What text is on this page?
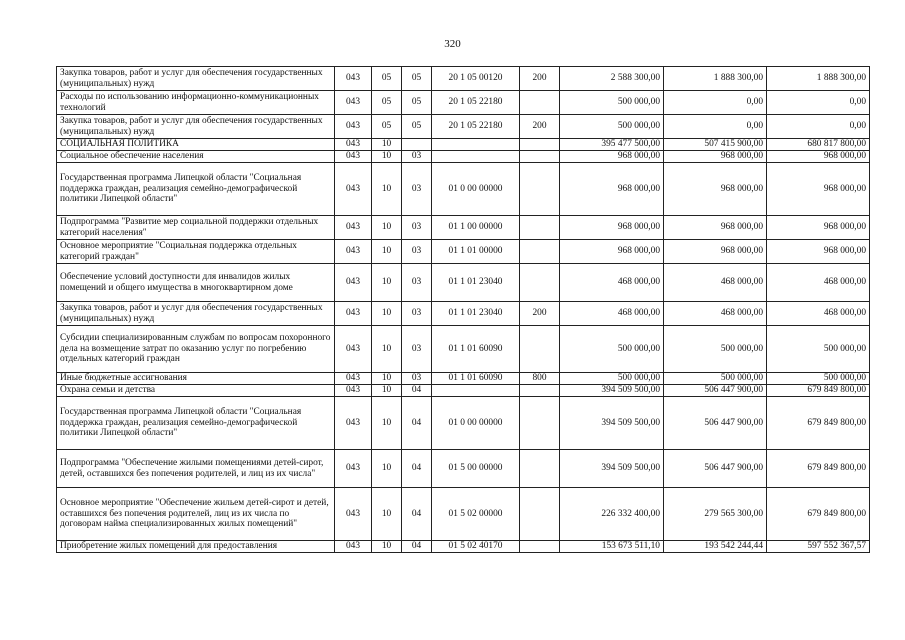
320
Закупка товаров, работ и услуг для обеспечения государственных (муниципальных) нужд	043	05	05	20 1 05 00120	200	2 588 300,00	1 888 300,00	1 888 300,00
Расходы по использованию информационно-коммуникационных технологий	043	05	05	20 1 05 22180		500 000,00	0,00	0,00
Закупка товаров, работ и услуг для обеспечения государственных (муниципальных) нужд	043	05	05	20 1 05 22180	200	500 000,00	0,00	0,00
СОЦИАЛЬНАЯ ПОЛИТИКА	043	10				395 477 500,00	507 415 900,00	680 817 800,00
Социальное обеспечение населения	043	10	03			968 000,00	968 000,00	968 000,00
Государственная программа Липецкой области "Социальная поддержка граждан, реализация семейно-демографической политики Липецкой области"	043	10	03	01 0 00 00000		968 000,00	968 000,00	968 000,00
Подпрограмма "Развитие мер социальной поддержки отдельных категорий населения"	043	10	03	01 1 00 00000		968 000,00	968 000,00	968 000,00
Основное мероприятие "Социальная поддержка отдельных категорий граждан"	043	10	03	01 1 01 00000		968 000,00	968 000,00	968 000,00
Обеспечение условий доступности для инвалидов жилых помещений и общего имущества в многоквартирном доме	043	10	03	01 1 01 23040		468 000,00	468 000,00	468 000,00
Закупка товаров, работ и услуг для обеспечения государственных (муниципальных) нужд	043	10	03	01 1 01 23040	200	468 000,00	468 000,00	468 000,00
Субсидии специализированным службам по вопросам похоронного дела на возмещение затрат по оказанию услуг по погребению отдельных категорий граждан	043	10	03	01 1 01 60090		500 000,00	500 000,00	500 000,00
Иные бюджетные ассигнования	043	10	03	01 1 01 60090	800	500 000,00	500 000,00	500 000,00
Охрана семьи и детства	043	10	04			394 509 500,00	506 447 900,00	679 849 800,00
Государственная программа Липецкой области "Социальная поддержка граждан, реализация семейно-демографической политики Липецкой области"	043	10	04	01 0 00 00000		394 509 500,00	506 447 900,00	679 849 800,00
Подпрограмма "Обеспечение жилыми помещениями детей-сирот, детей, оставшихся без попечения родителей, и лиц из их числа"	043	10	04	01 5 00 00000		394 509 500,00	506 447 900,00	679 849 800,00
Основное мероприятие "Обеспечение жильем детей-сирот и детей, оставшихся без попечения родителей, лиц из их числа по договорам найма специализированных жилых помещений"	043	10	04	01 5 02 00000		226 332 400,00	279 565 300,00	679 849 800,00
Приобретение жилых помещений для предоставления	043	10	04	01 5 02 40170		153 673 511,10	193 542 244,44	597 552 367,57
